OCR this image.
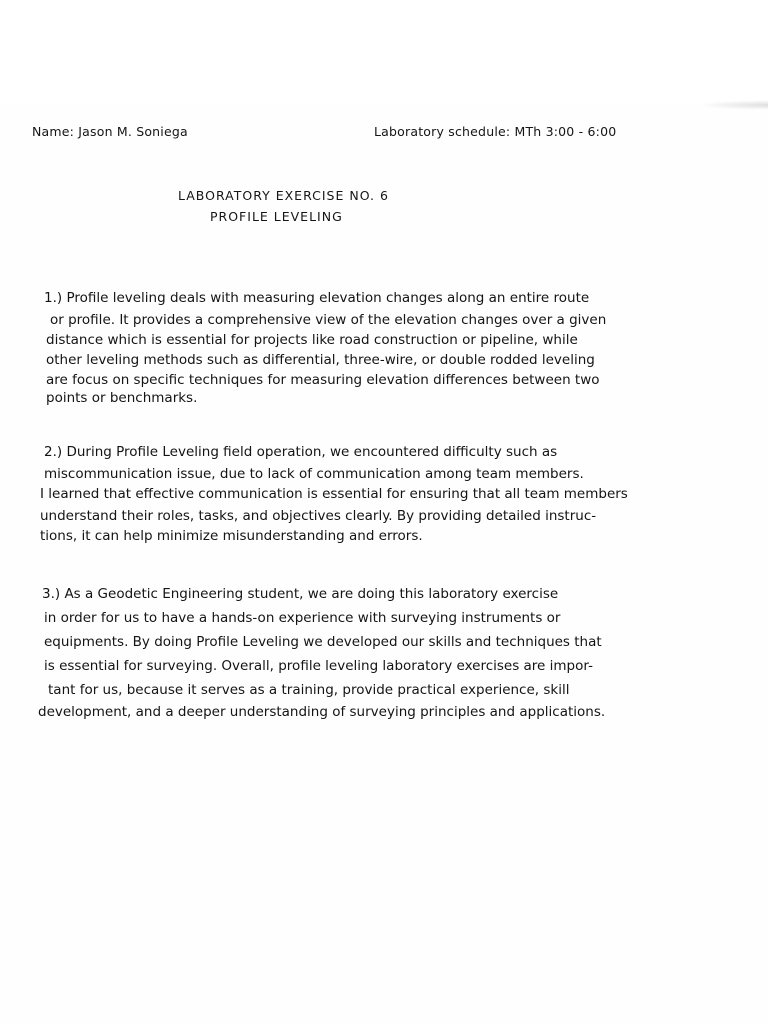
Name: Jason M. Soniega	Laboratory schedule: MTh 3:00 - 6:00
LABORATORY EXERCISE NO. 6
PROFILE LEVELING
1.) Profile leveling deals with measuring elevation changes along an entire route
or profile. It provides a comprehensive view of the elevation changes over a given
distance which is essential for projects like road construction or pipeline, while
other leveling methods such as differential, three-wire, or double rodded leveling
are focus on specific techniques for measuring elevation differences between two
points or benchmarks.
2.) During Profile Leveling field operation, we encountered difficulty such as
miscommunication issue, due to lack of communication among team members.
I learned that effective communication is essential for ensuring that all team members
understand their roles, tasks, and objectives clearly. By providing detailed instruc-
tions, it can help minimize misunderstanding and errors.
3.) As a Geodetic Engineering student, we are doing this laboratory exercise
in order for us to have a hands-on experience with surveying instruments or
equipments. By doing Profile Leveling we developed our skills and techniques that
is essential for surveying. Overall, profile leveling laboratory exercises are impor-
tant for us, because it serves as a training, provide practical experience, skill
development, and a deeper understanding of surveying principles and applications.
